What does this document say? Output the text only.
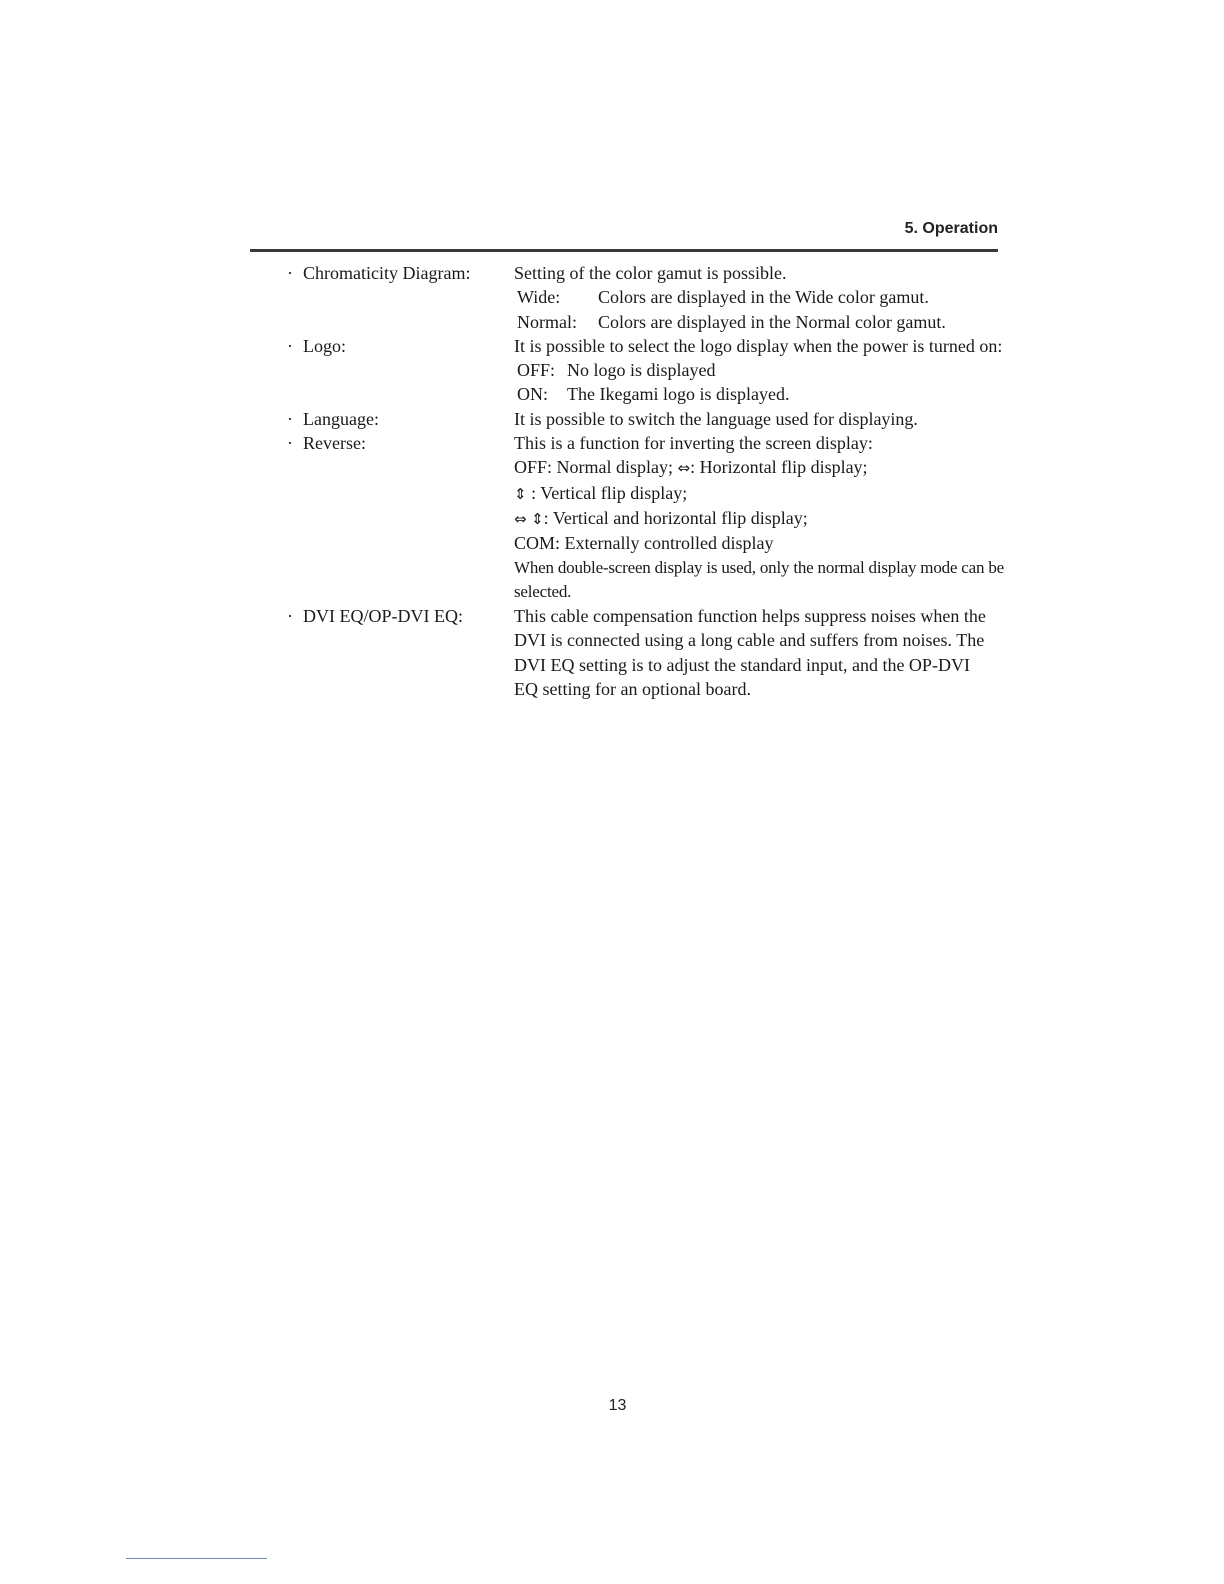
5. Operation
· Chromaticity Diagram:	Setting of the color gamut is possible.

Wide:	Colors are displayed in the Wide color gamut.
Normal:	Colors are displayed in the Normal color gamut.
· Logo:	It is possible to select the logo display when the power is turned on:

OFF: No logo is displayed
ON:	The Ikegami logo is displayed.
· Language:	It is possible to switch the language used for displaying.

· Reverse:	This is a function for inverting the screen display:

OFF: Normal display; ⇔: Horizontal flip display;

⇕ : Vertical flip display;

⇔ ⇕: Vertical and horizontal flip display;

COM: Externally controlled display

When double-screen display is used, only the normal display mode can be selected.

· DVI EQ/OP-DVI EQ:	This cable compensation function helps suppress noises when the DVI is connected using a long cable and suffers from noises. The DVI EQ setting is to adjust the standard input, and the OP-DVI EQ setting for an optional board.

13
